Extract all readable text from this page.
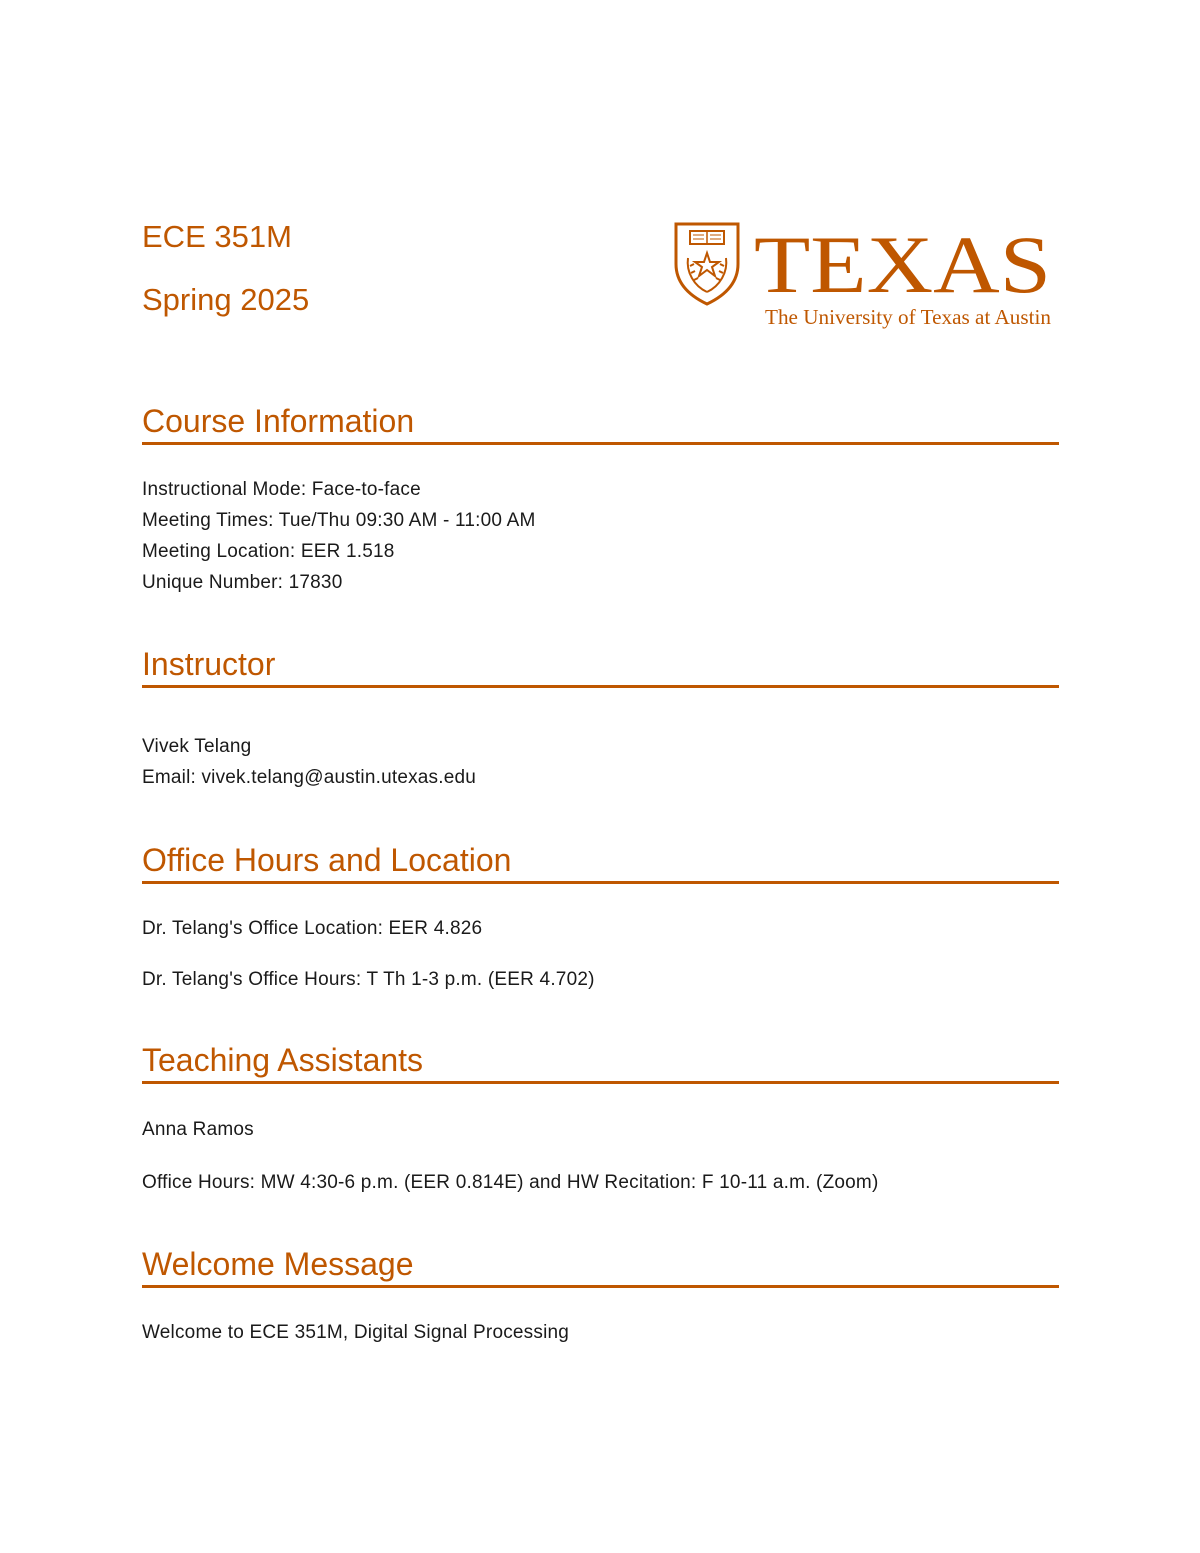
ECE 351M
Spring 2025	TEXAS
The University of Texas at Austin
Course Information
Instructional Mode: Face-to-face
Meeting Times: Tue/Thu 09:30 AM - 11:00 AM
Meeting Location: EER 1.518
Unique Number: 17830
Instructor
Vivek Telang
Email: vivek.telang@austin.utexas.edu
Office Hours and Location
Dr. Telang's Office Location: EER 4.826
Dr. Telang's Office Hours: T Th 1-3 p.m. (EER 4.702)
Teaching Assistants
Anna Ramos
Office Hours: MW 4:30-6 p.m. (EER 0.814E) and HW Recitation: F 10-11 a.m. (Zoom)
Welcome Message
Welcome to ECE 351M, Digital Signal Processing
